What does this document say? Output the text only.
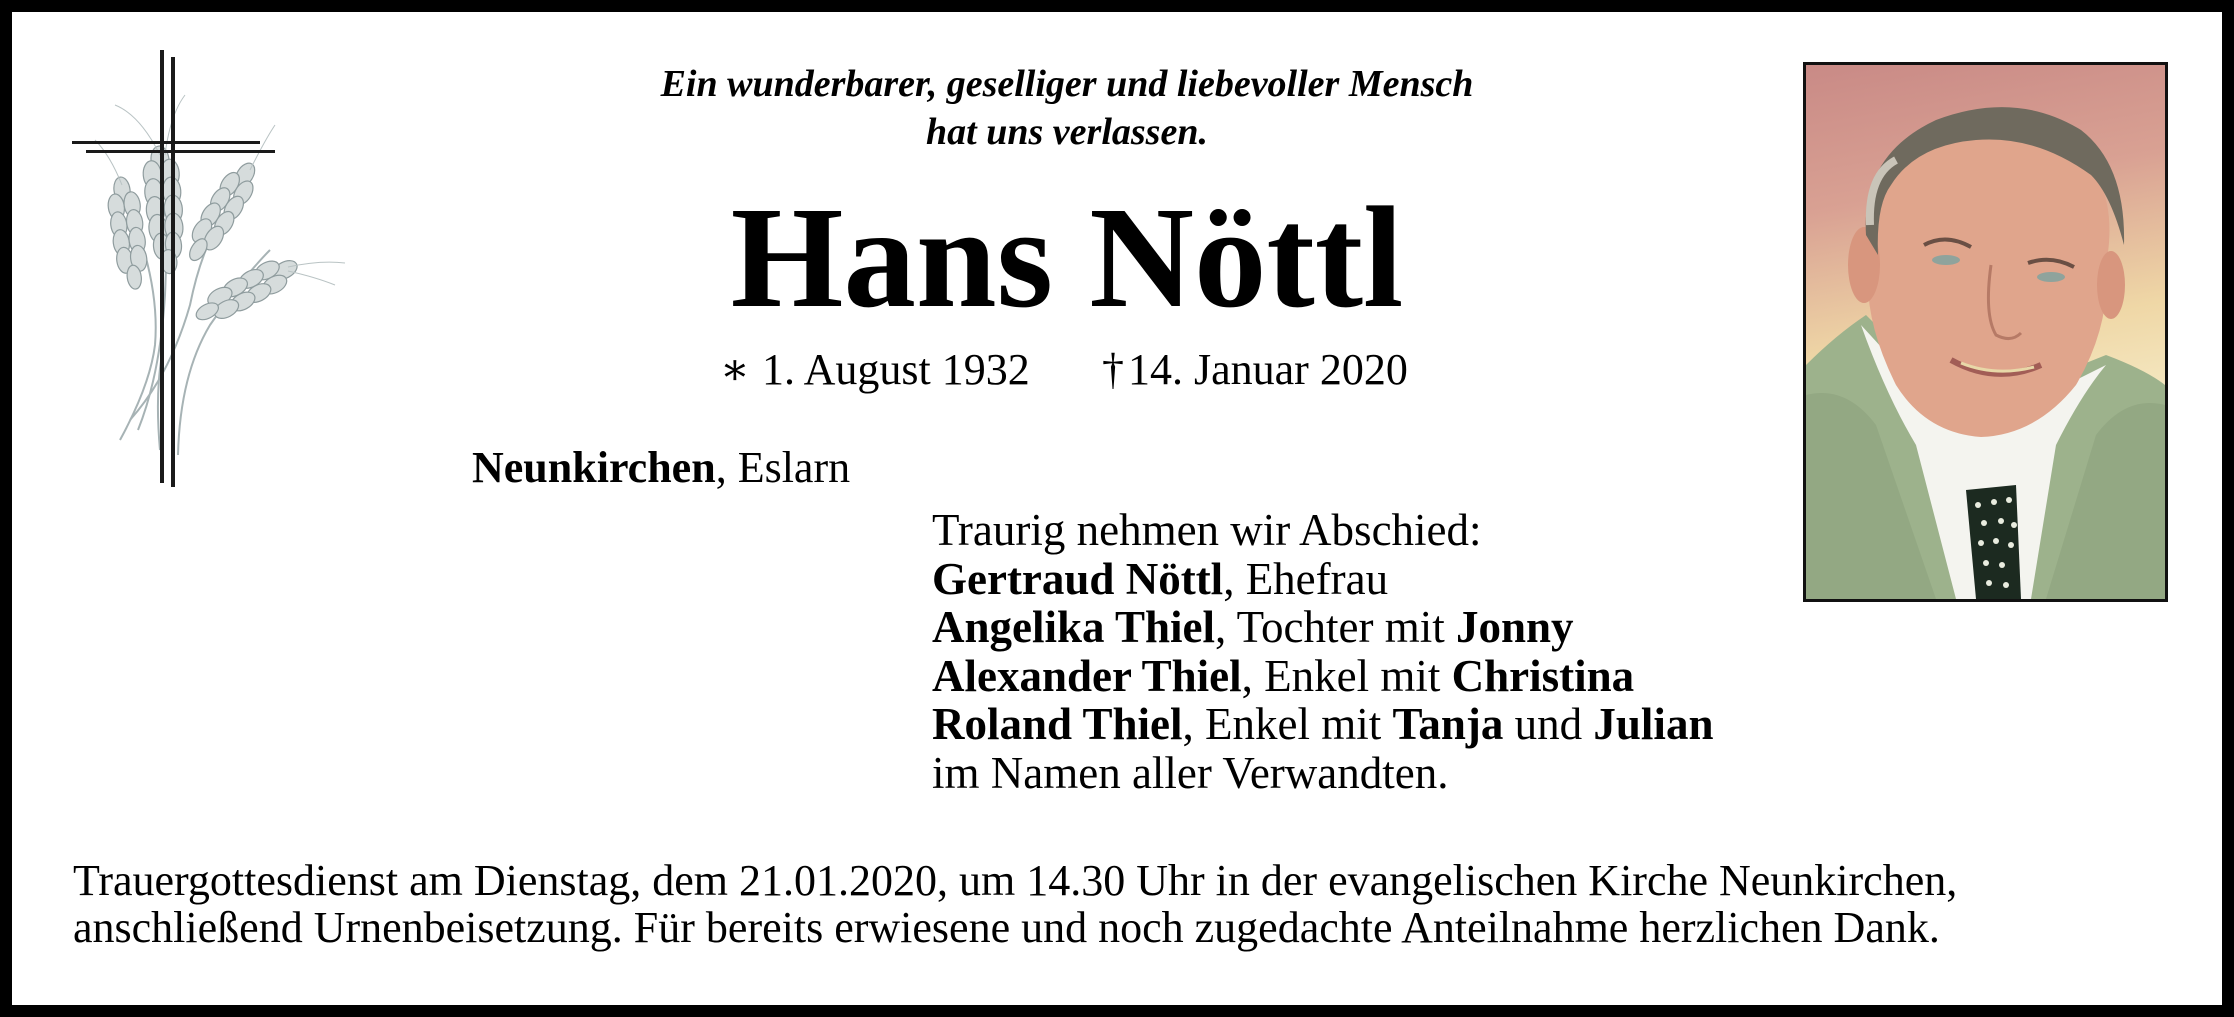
Ein wunderbarer, geselliger und liebevoller Mensch
hat uns verlassen.
Hans Nöttl
∗ 1. August 1932 † 14. Januar 2020
Neunkirchen, Eslarn
Traurig nehmen wir Abschied:
Gertraud Nöttl, Ehefrau
Angelika Thiel, Tochter mit Jonny
Alexander Thiel, Enkel mit Christina
Roland Thiel, Enkel mit Tanja und Julian
im Namen aller Verwandten.
Trauergottesdienst am Dienstag, dem 21.01.2020, um 14.30 Uhr in der evangelischen Kirche Neunkirchen,
anschließend Urnenbeisetzung. Für bereits erwiesene und noch zugedachte Anteilnahme herzlichen Dank.
